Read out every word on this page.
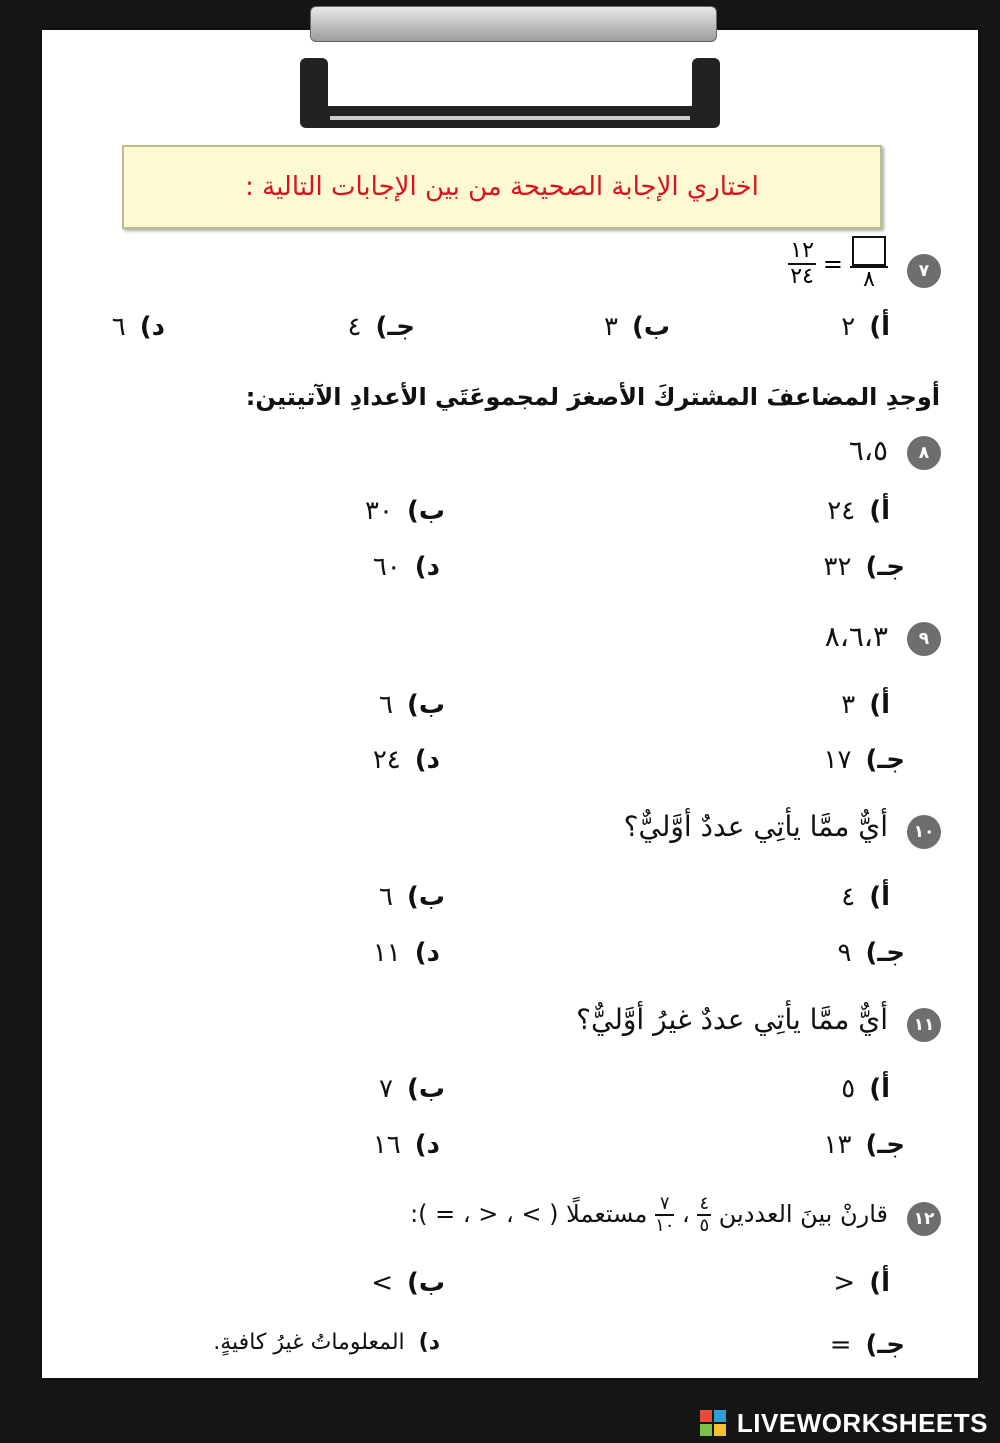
اختاري الإجابة الصحيحة من بين الإجابات التالية :
٧
٨
=
$\frac{١٢}{٢٤}$
أ)٢
ب)٣
جـ)٤
د)٦
أوجدِ المضاعفَ المشتركَ الأصغرَ لمجموعَتَي الأعدادِ الآتيتين:
٨
٦،٥
أ)٢٤
ب)٣٠
جـ)٣٢
د)٦٠
٩
٨،٦،٣
أ)٣
ب)٦
جـ)١٧
د)٢٤
١٠
أيٌّ ممَّا يأتِي عددٌ أوَّليٌّ؟
أ)٤
ب)٦
جـ)٩
د)١١
١١
أيٌّ ممَّا يأتِي عددٌ غيرُ أوَّليٌّ؟
أ)٥
ب)٧
جـ)١٣
د)١٦
١٢
قارنْ بينَ العددين
$\frac{٤}{٥}$
،
$\frac{٧}{١٠}$
مستعملًا ( > ، < ، = ):
أ)<
ب)>
جـ)=
د)المعلوماتُ غيرُ كافيةٍ.
LIVEWORKSHEETS
